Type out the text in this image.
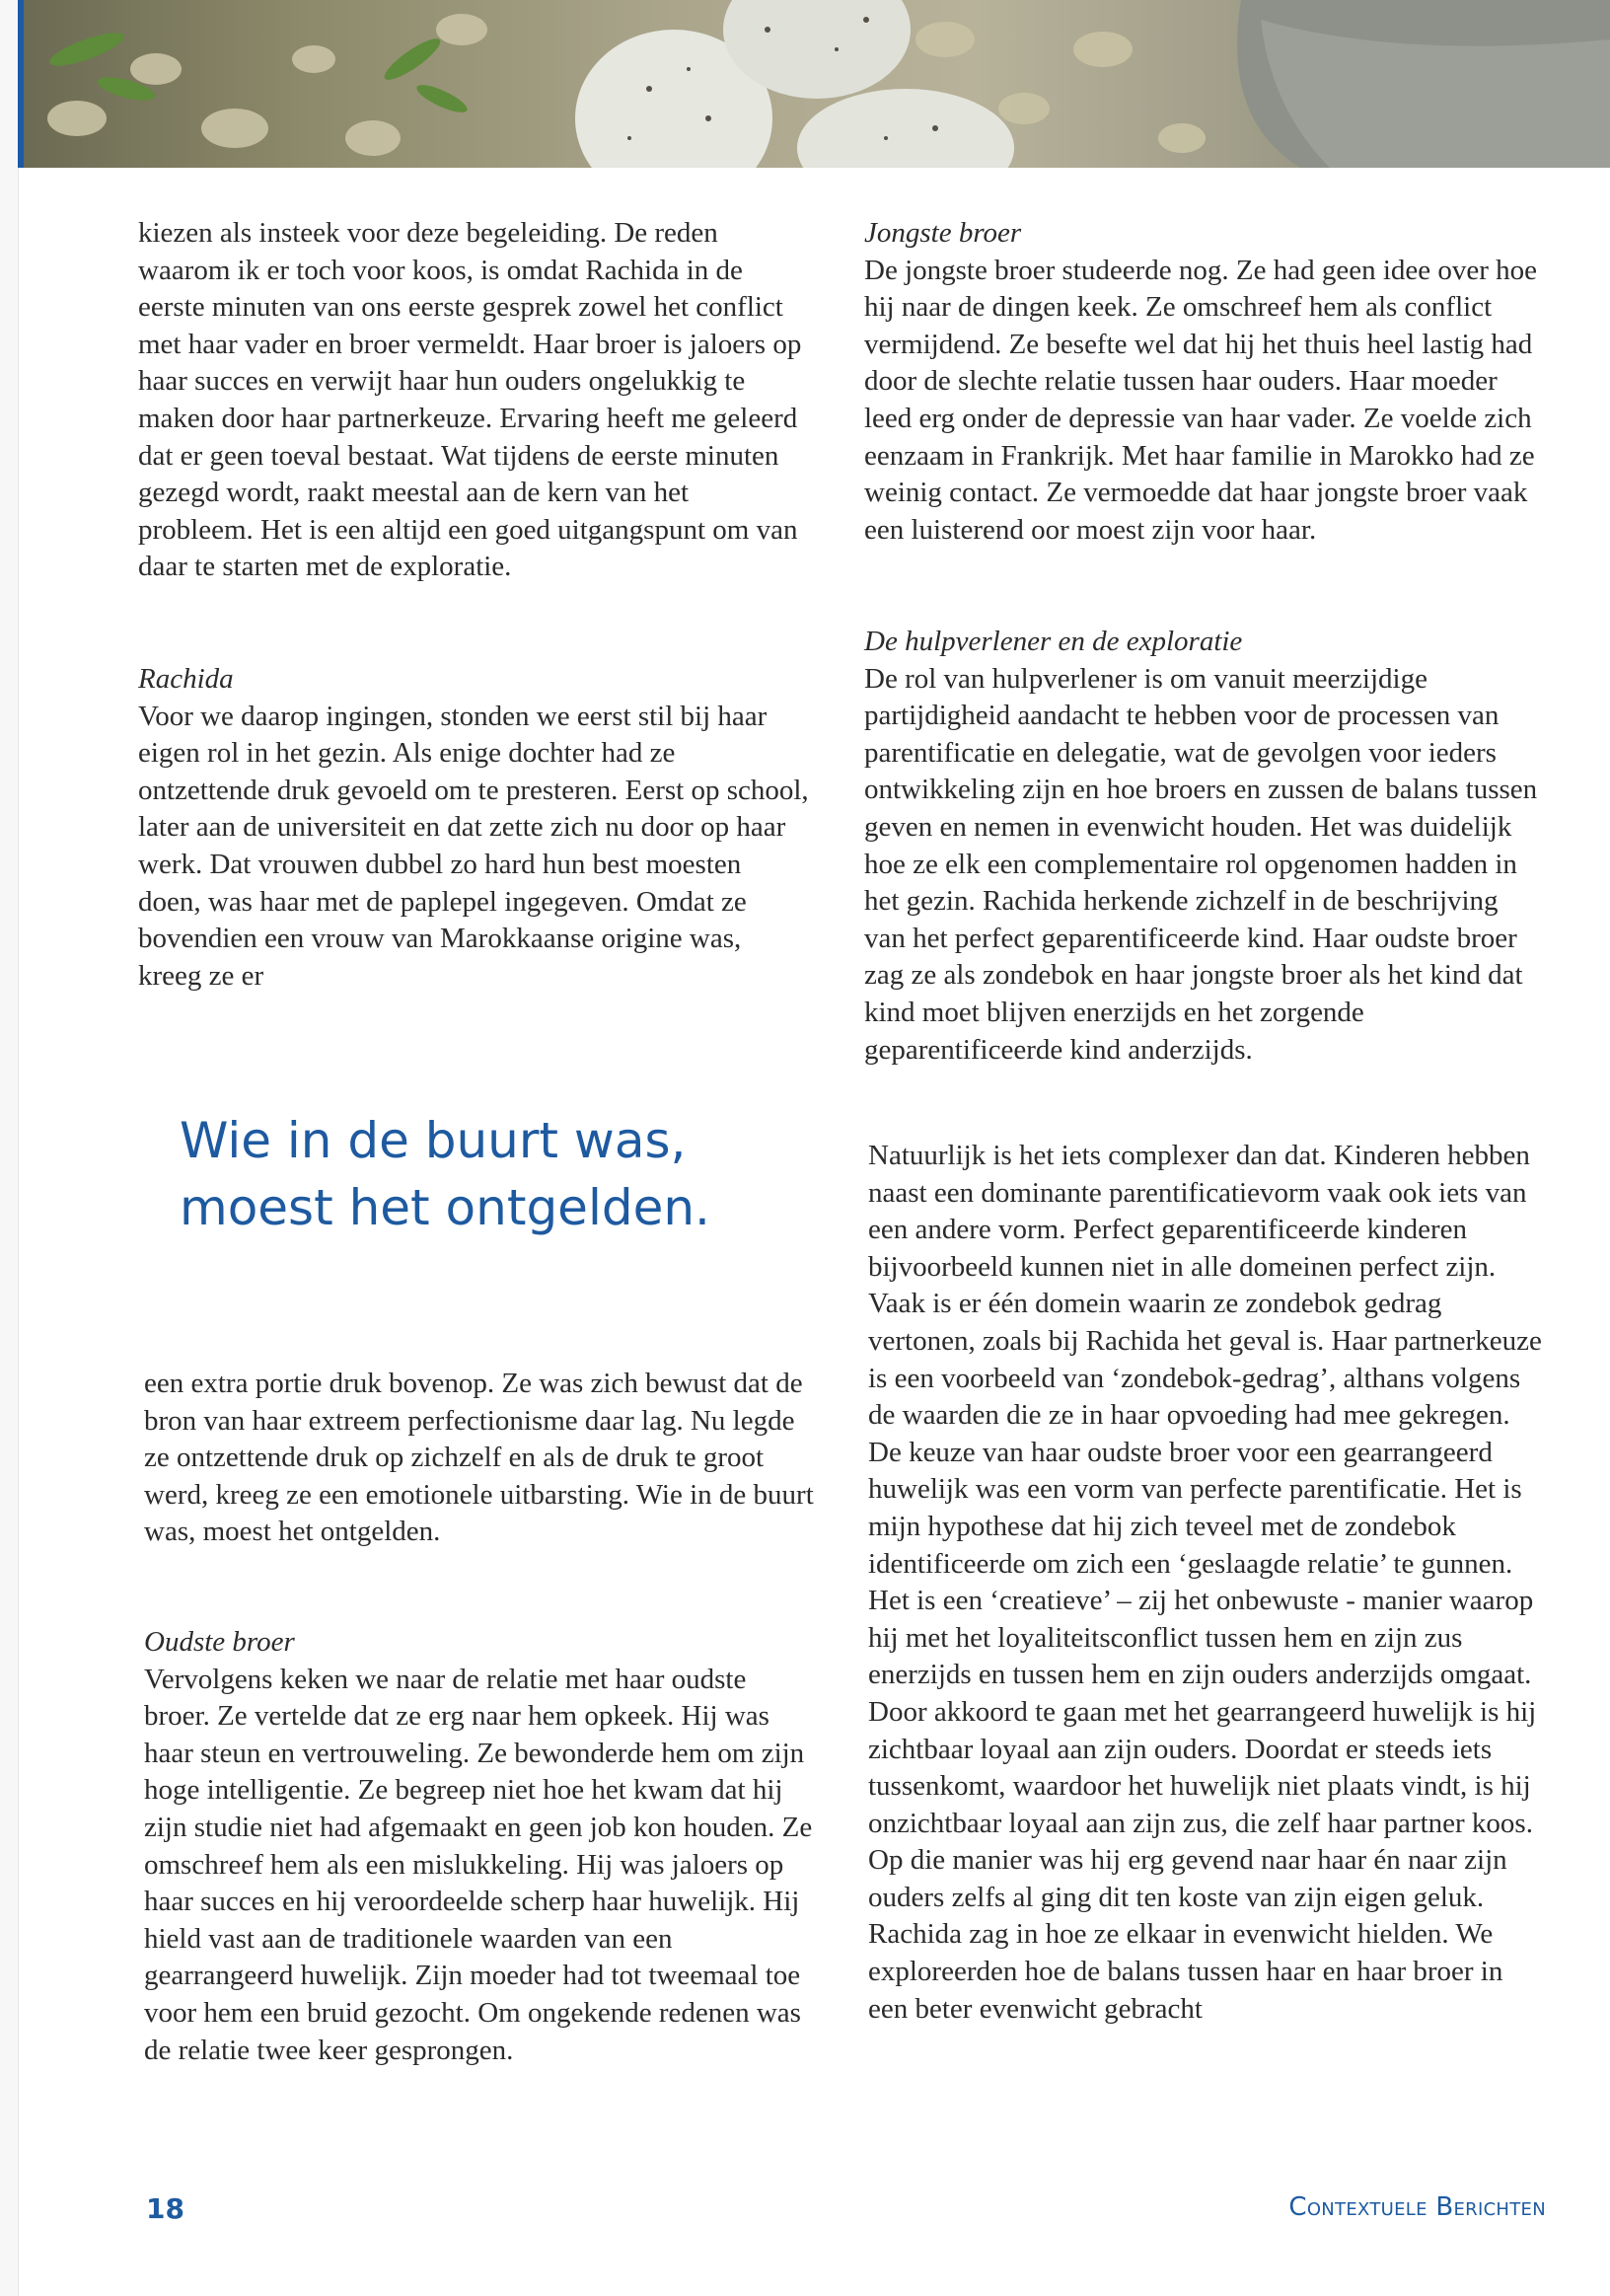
kiezen als insteek voor deze begeleiding. De reden waarom ik er toch voor koos, is omdat Rachida in de eerste minuten van ons eerste gesprek zowel het conflict met haar vader en broer vermeldt. Haar broer is jaloers op haar succes en verwijt haar hun ouders ongelukkig te maken door haar partnerkeuze. Ervaring heeft me geleerd dat er geen toeval bestaat. Wat tijdens de eerste minuten gezegd wordt, raakt meestal aan de kern van het probleem. Het is een altijd een goed uitgangspunt om van daar te starten met de exploratie.

Rachida

Voor we daarop ingingen, stonden we eerst stil bij haar eigen rol in het gezin. Als enige dochter had ze ontzettende druk gevoeld om te presteren. Eerst op school, later aan de universiteit en dat zette zich nu door op haar werk. Dat vrouwen dubbel zo hard hun best moesten doen, was haar met de paplepel ingegeven. Omdat ze bovendien een vrouw van Marokkaanse origine was, kreeg ze er

Wie in de buurt was,

moest het ontgelden.

een extra portie druk bovenop. Ze was zich bewust dat de bron van haar extreem perfectionisme daar lag. Nu legde ze ontzettende druk op zichzelf en als de druk te groot werd, kreeg ze een emotionele uitbarsting. Wie in de buurt was, moest het ontgelden.

Oudste broer

Vervolgens keken we naar de relatie met haar oudste broer. Ze vertelde dat ze erg naar hem opkeek. Hij was haar steun en vertrouweling. Ze bewonderde hem om zijn hoge intelligentie. Ze begreep niet hoe het kwam dat hij zijn studie niet had afgemaakt en geen job kon houden. Ze omschreef hem als een mislukkeling. Hij was jaloers op haar succes en hij veroordeelde scherp haar huwelijk. Hij hield vast aan de traditionele waarden van een gearrangeerd huwelijk. Zijn moeder had tot tweemaal toe voor hem een bruid gezocht. Om ongekende redenen was de relatie twee keer gesprongen.

Jongste broer

De jongste broer studeerde nog. Ze had geen idee over hoe hij naar de dingen keek. Ze omschreef hem als conflict vermijdend. Ze besefte wel dat hij het thuis heel lastig had door de slechte relatie tussen haar ouders. Haar moeder leed erg onder de depressie van haar vader. Ze voelde zich eenzaam in Frankrijk. Met haar familie in Marokko had ze weinig contact. Ze vermoedde dat haar jongste broer vaak een luisterend oor moest zijn voor haar.

De hulpverlener en de exploratie

De rol van hulpverlener is om vanuit meerzijdige partijdigheid aandacht te hebben voor de processen van parentificatie en delegatie, wat de gevolgen voor ieders ontwikkeling zijn en hoe broers en zussen de balans tussen geven en nemen in evenwicht houden. Het was duidelijk hoe ze elk een complementaire rol opgenomen hadden in het gezin. Rachida herkende zichzelf in de beschrijving van het perfect geparentificeerde kind. Haar oudste broer zag ze als zondebok en haar jongste broer als het kind dat kind moet blijven enerzijds en het zorgende geparentificeerde kind anderzijds.

Natuurlijk is het iets complexer dan dat. Kinderen hebben naast een dominante parentificatievorm vaak ook iets van een andere vorm. Perfect geparentificeerde kinderen bijvoorbeeld kunnen niet in alle domeinen perfect zijn. Vaak is er één domein waarin ze zondebok gedrag vertonen, zoals bij Rachida het geval is. Haar partnerkeuze is een voorbeeld van ‘zondebok-gedrag’, althans volgens de waarden die ze in haar opvoeding had mee gekregen. De keuze van haar oudste broer voor een gearrangeerd huwelijk was een vorm van perfecte parentificatie. Het is mijn hypothese dat hij zich teveel met de zondebok identificeerde om zich een ‘geslaagde relatie’ te gunnen. Het is een ‘creatieve’ – zij het onbewuste - manier waarop hij met het loyaliteitsconflict tussen hem en zijn zus enerzijds en tussen hem en zijn ouders anderzijds omgaat. Door akkoord te gaan met het gearrangeerd huwelijk is hij zichtbaar loyaal aan zijn ouders. Doordat er steeds iets tussenkomt, waardoor het huwelijk niet plaats vindt, is hij onzichtbaar loyaal aan zijn zus, die zelf haar partner koos. Op die manier was hij erg gevend naar haar én naar zijn ouders zelfs al ging dit ten koste van zijn eigen geluk. Rachida zag in hoe ze elkaar in evenwicht hielden. We exploreerden hoe de balans tussen haar en haar broer in een beter evenwicht gebracht

18	Contextuele Berichten
